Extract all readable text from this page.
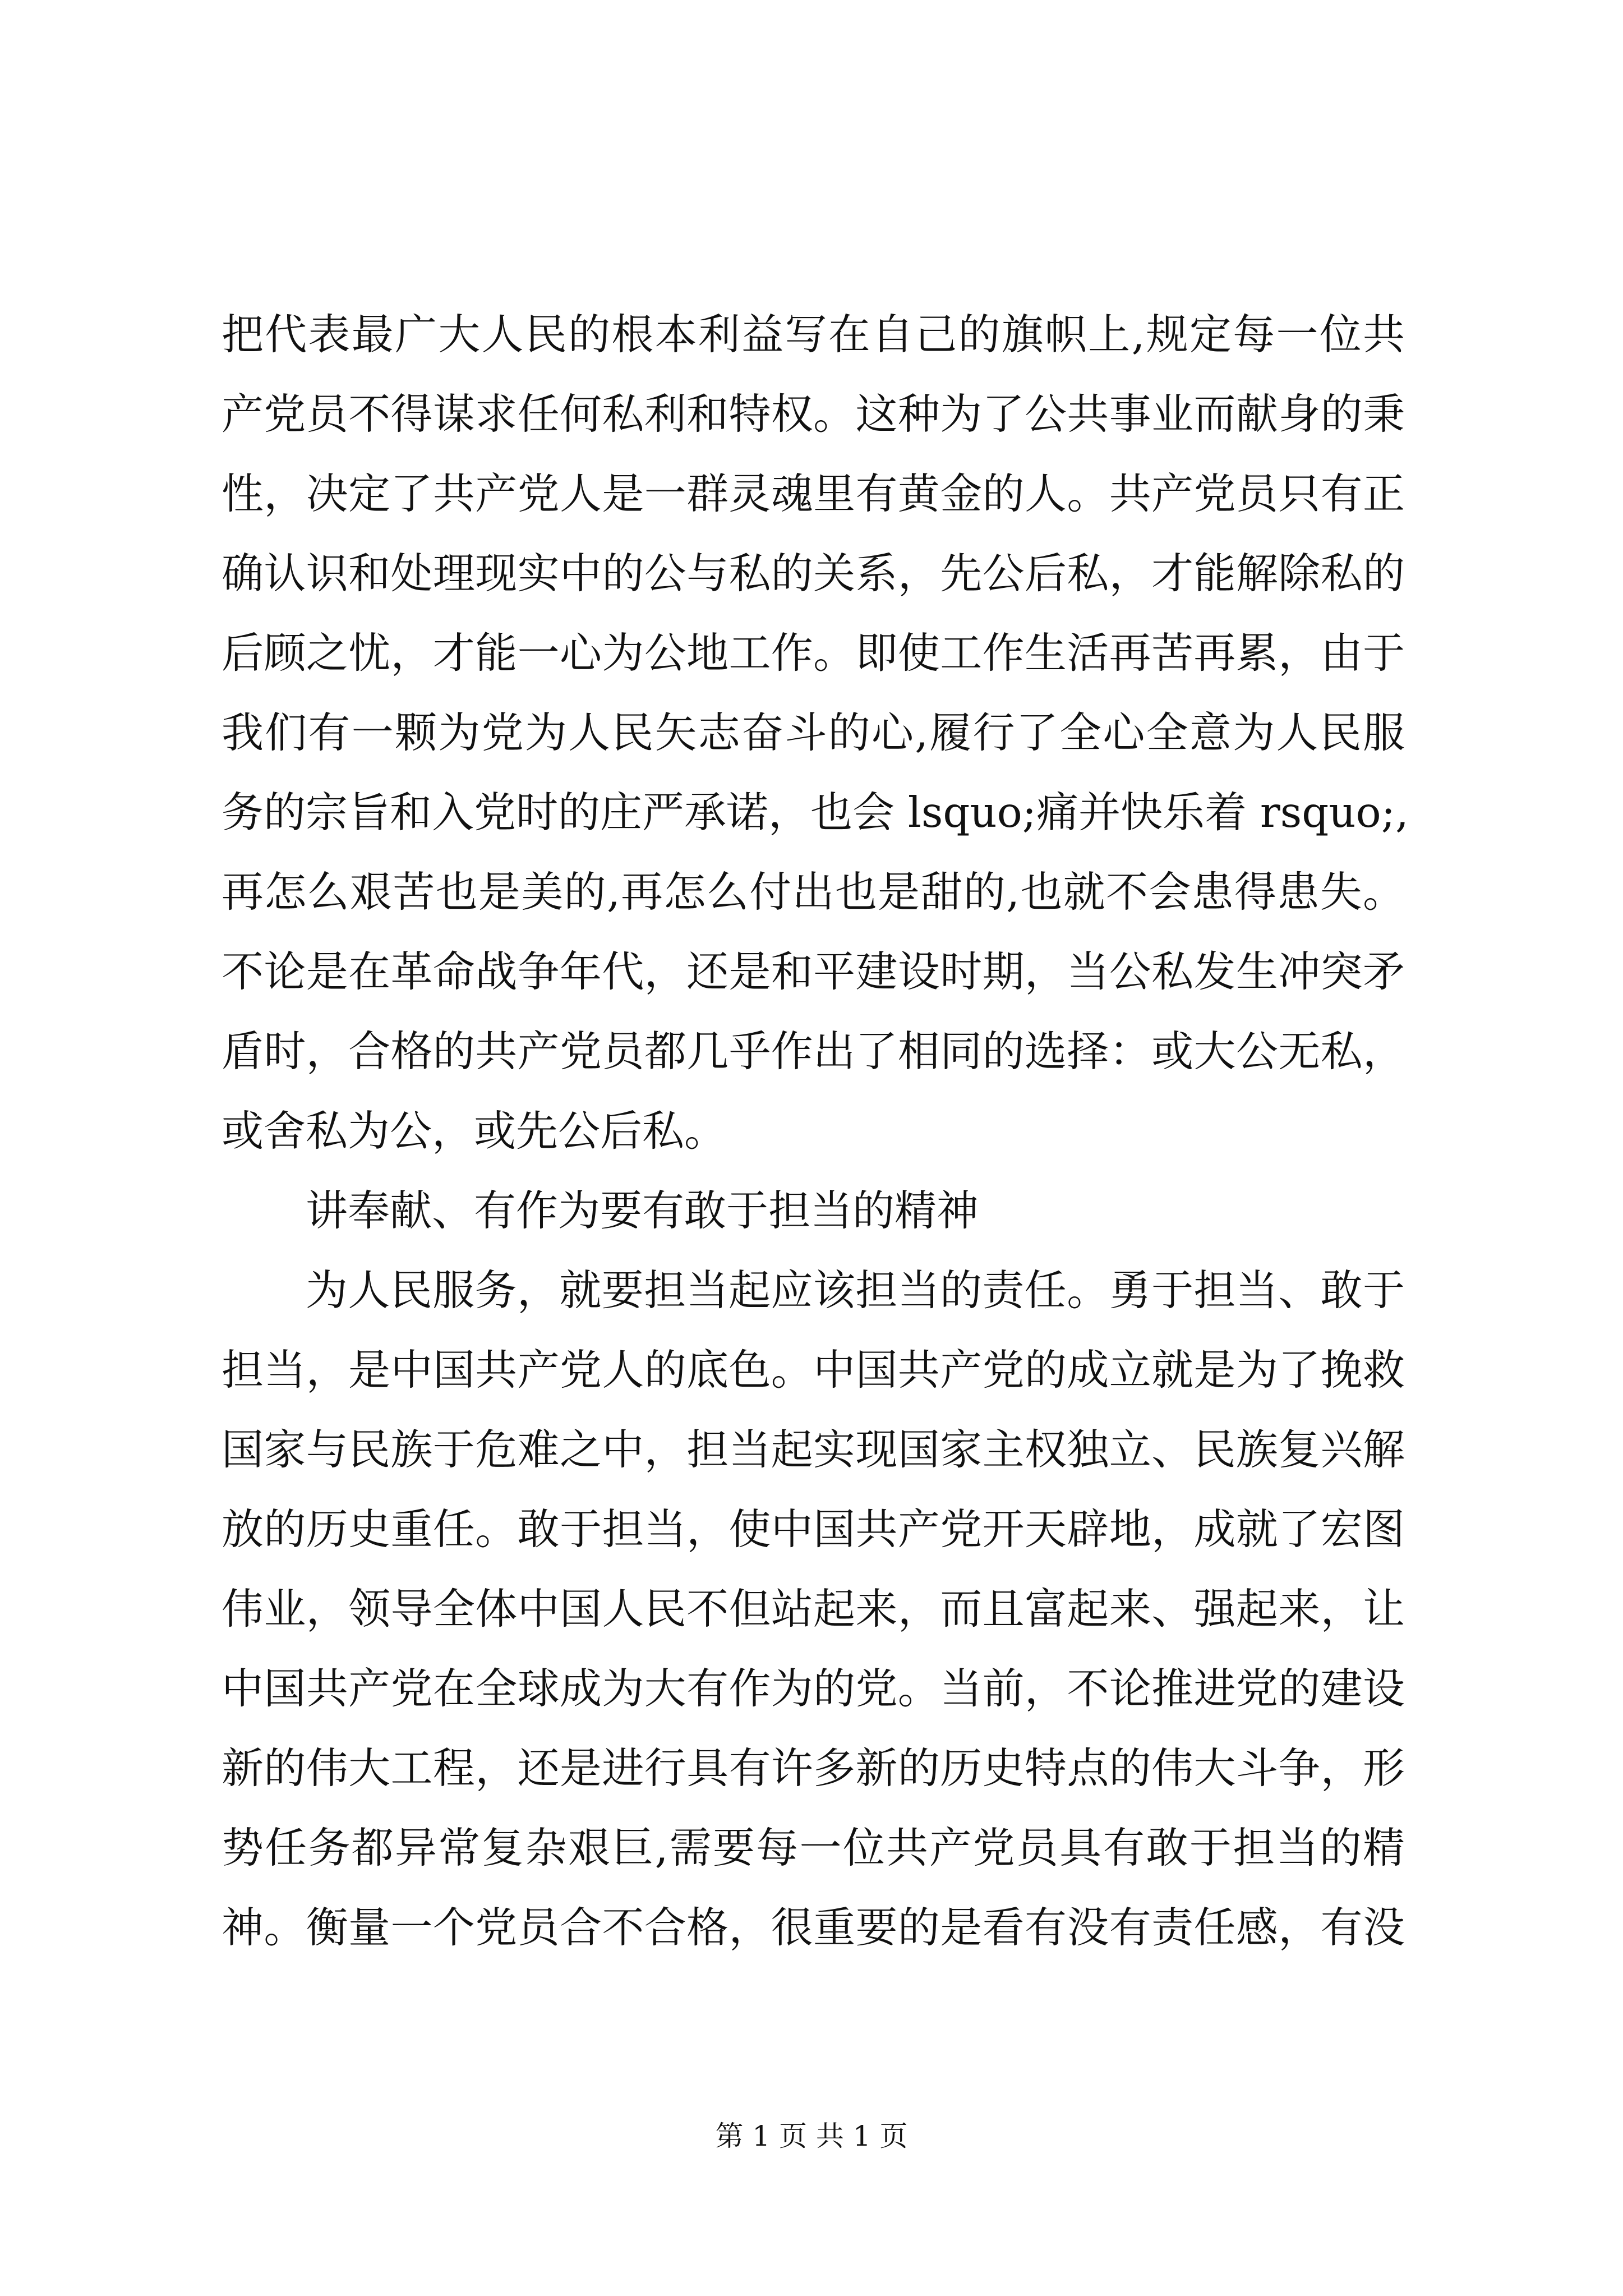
把代表最广大人民的根本利益写在自己的旗帜上,规定每一位共
产党员不得谋求任何私利和特权。这种为了公共事业而献身的秉
性，决定了共产党人是一群灵魂里有黄金的人。共产党员只有正
确认识和处理现实中的公与私的关系，先公后私，才能解除私的
后顾之忧，才能一心为公地工作。即使工作生活再苦再累，由于
我们有一颗为党为人民矢志奋斗的心,履行了全心全意为人民服
务的宗旨和入党时的庄严承诺，也会 lsquo;痛并快乐着 rsquo;,
再怎么艰苦也是美的,再怎么付出也是甜的,也就不会患得患失。
不论是在革命战争年代，还是和平建设时期，当公私发生冲突矛
盾时，合格的共产党员都几乎作出了相同的选择：或大公无私，
或舍私为公，或先公后私。
讲奉献、有作为要有敢于担当的精神
为人民服务，就要担当起应该担当的责任。勇于担当、敢于
担当，是中国共产党人的底色。中国共产党的成立就是为了挽救
国家与民族于危难之中，担当起实现国家主权独立、民族复兴解
放的历史重任。敢于担当，使中国共产党开天辟地，成就了宏图
伟业，领导全体中国人民不但站起来，而且富起来、强起来，让
中国共产党在全球成为大有作为的党。当前，不论推进党的建设
新的伟大工程，还是进行具有许多新的历史特点的伟大斗争，形
势任务都异常复杂艰巨,需要每一位共产党员具有敢于担当的精
神。衡量一个党员合不合格，很重要的是看有没有责任感，有没
第 1 页 共 1 页
